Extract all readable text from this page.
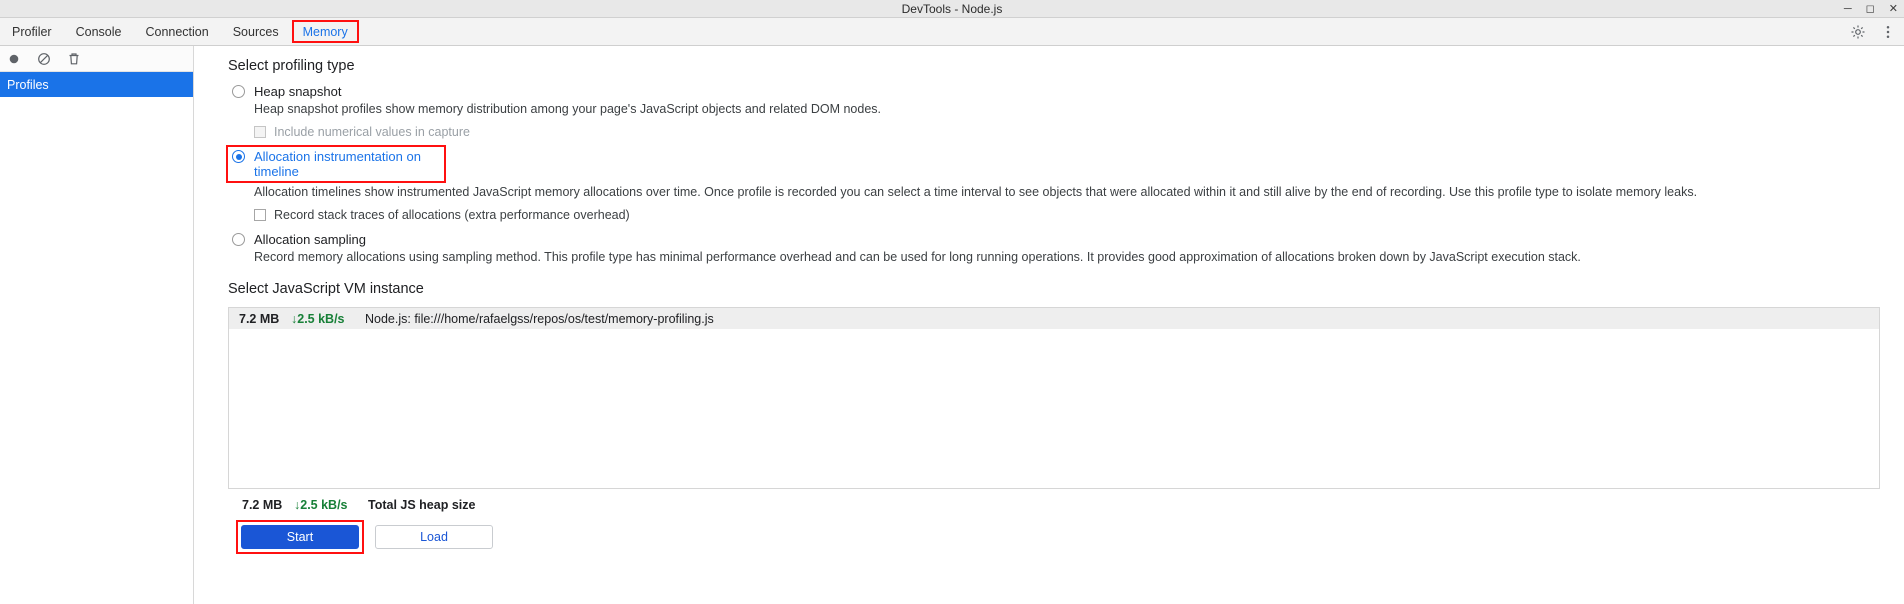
DevTools - Node.js	─ ◻ ✕
Profiler Console Connection Sources Memory
Profiles
Select profiling type
Heap snapshot
Heap snapshot profiles show memory distribution among your page's JavaScript objects and related DOM nodes.
Include numerical values in capture
Allocation instrumentation on timeline
Allocation timelines show instrumented JavaScript memory allocations over time. Once profile is recorded you can select a time interval to see objects that were allocated within it and still alive by the end of recording. Use this profile type to isolate memory leaks.
Record stack traces of allocations (extra performance overhead)
Allocation sampling
Record memory allocations using sampling method. This profile type has minimal performance overhead and can be used for long running operations. It provides good approximation of allocations broken down by JavaScript execution stack.
Select JavaScript VM instance
7.2 MB ↓2.5 kB/s	Node.js: file:///home/rafaelgss/repos/os/test/memory-profiling.js
7.2 MB ↓2.5 kB/s	Total JS heap size
Start	Load
